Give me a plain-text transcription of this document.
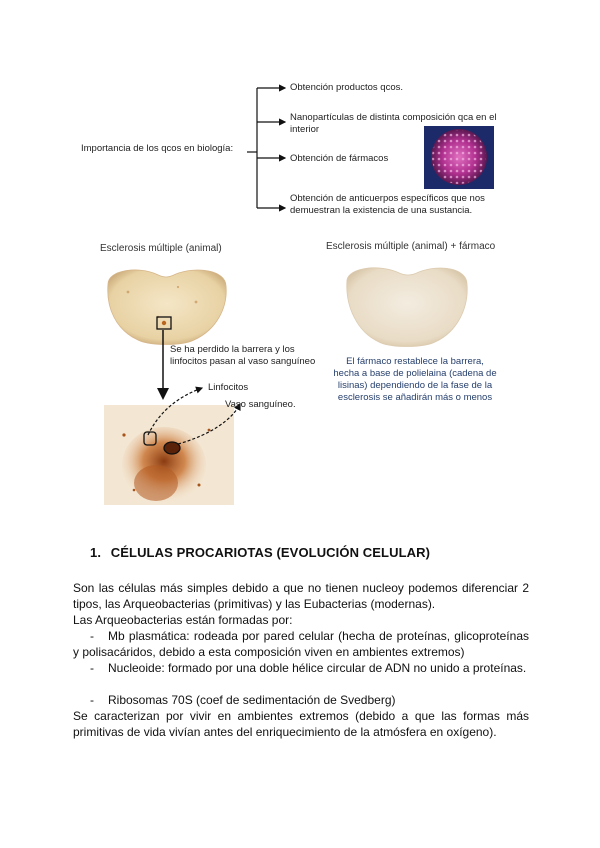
Importancia de los qcos en biología:
Obtención productos qcos.
Nanopartículas de distinta composición qca en el interior
Obtención de fármacos
Obtención de anticuerpos específicos que nos demuestran la existencia de una sustancia.
Esclerosis múltiple (animal)	Esclerosis múltiple (animal) + fármaco
Se ha perdido la barrera y los linfocitos pasan al vaso sanguíneo
Linfocitos
Vaso sanguíneo.
El fármaco restablece la barrera, hecha a base de polielaina (cadena de lisinas) dependiendo de la fase de la esclerosis se añadirán más o menos
1. CÉLULAS PROCARIOTAS (EVOLUCIÓN CELULAR)
Son las células más simples debido a que no tienen nucleoy podemos diferenciar 2 tipos, las Arqueobacterias (primitivas) y las Eubacterias (modernas).
Las Arqueobacterias están formadas por:
- Mb plasmática: rodeada por pared celular (hecha de proteínas, glicoproteínas y polisacáridos, debido a esta composición viven en ambientes extremos)
- Nucleoide: formado por una doble hélice circular de ADN no unido a proteínas.
- Ribosomas 70S (coef de sedimentación de Svedberg)
Se caracterizan por vivir en ambientes extremos (debido a que las formas más primitivas de vida vivían antes del enriquecimiento de la atmósfera en oxígeno).
